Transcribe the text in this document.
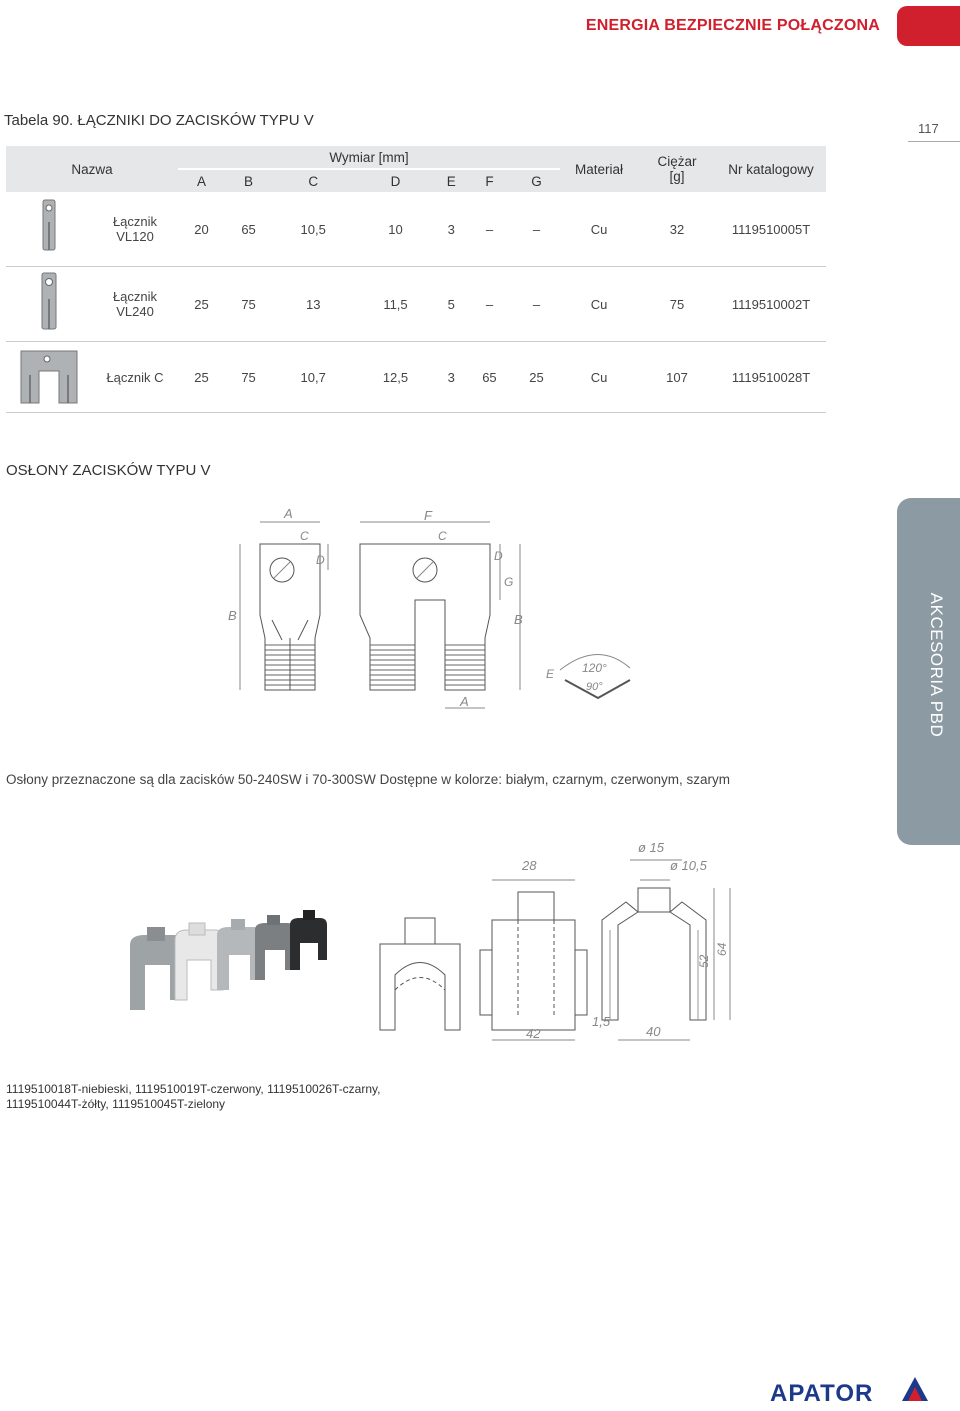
ENERGIA BEZPIECZNIE POŁĄCZONA
Tabela 90. ŁĄCZNIKI DO ZACISKÓW TYPU V	117
Nazwa		Wymiar [mm]							Materiał	Ciężar
[g]	Nr katalogowy
		A	B	C	D	E	F	G			
	Łącznik
VL120	20	65	10,5	10	3	–	–	Cu	32	1119510005T
	Łącznik
VL240	25	75	13	11,5	5	–	–	Cu	75	1119510002T
	Łącznik C	25	75	10,7	12,5	3	65	25	Cu	107	1119510028T
OSŁONY ZACISKÓW TYPU V
A
C
D
B
F
C
D
G
B
A
E 120°
90°	AKCESORIA PBD
Osłony przeznaczone są dla zacisków 50-240SW i 70-300SW Dostępne w kolorze: białym, czarnym, czerwonym, szarym
28
ø 15
ø 10,5
52
64
42
1,5
40
1119510018T-niebieski, 1119510019T-czerwony, 1119510026T-czarny,
1119510044T-żółty, 1119510045T-zielony
APATOR
